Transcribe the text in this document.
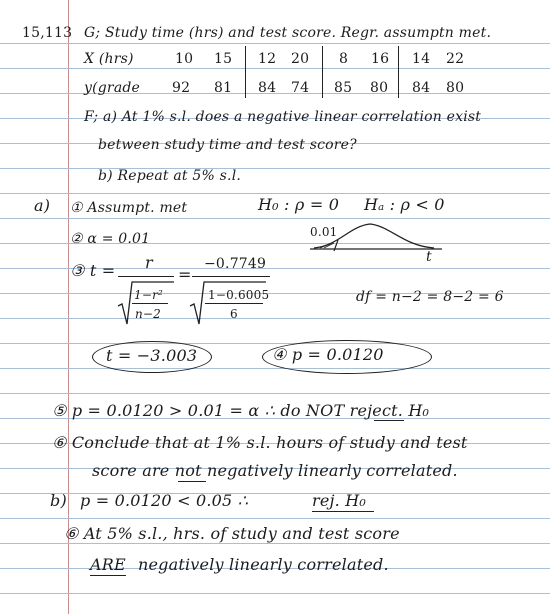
15,113 G; Study time (hrs) and test score. Regr. assumptn met.
X (hrs)	10 15 12 20 8 16 14 22
y(grade 92 81 84 74 85 80 84 80
F; a) At 1% s.l. does a negative linear correlation exist
between study time and test score?
b) Repeat at 5% s.l.
a) ① Assumpt. met	H₀ : ρ = 0 Hₐ : ρ < 0
0.01
t
② α = 0.01
③ t = r
1−r²
n−2
=
−0.7749
1−0.6005
6
df = n−2 = 8−2 = 6
t = −3.003	④ p = 0.0120
⑤ p = 0.0120 > 0.01 = α ∴ do NOT reject. H₀
⑥ Conclude that at 1% s.l. hours of study and test
score are not negatively linearly correlated.
b) p = 0.0120 < 0.05 ∴	rej. H₀
⑥ At 5% s.l., hrs. of study and test score
ARE negatively linearly correlated.
